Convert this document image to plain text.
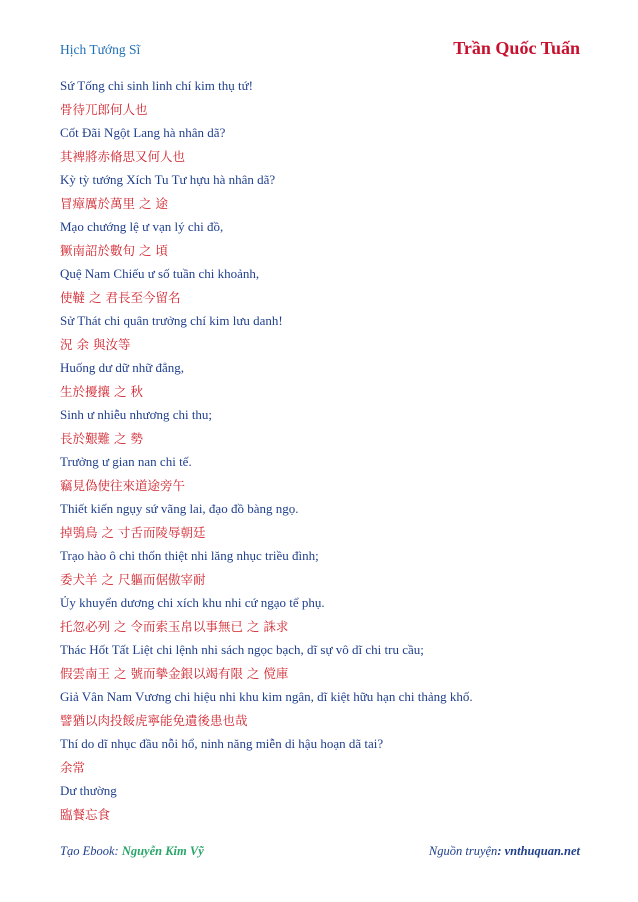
Hịch Tướng Sĩ	Trần Quốc Tuấn
Sứ Tống chi sinh linh chí kim thụ tứ!
骨待兀郎何人也
Cốt Đãi Ngột Lang hà nhân dã?
其裨將赤脩思又何人也
Kỳ tỳ tướng Xích Tu Tư hựu hà nhân dã?
冒瘴厲於萬里 之 途
Mạo chướng lệ ư vạn lý chi đồ,
獗南詔於數旬 之 頃
Quệ Nam Chiếu ư số tuần chi khoảnh,
使韃 之 君長至今留名
Sử Thát chi quân trưởng chí kim lưu danh!
況 余 與汝等
Huống dư dữ nhữ đẳng,
生於擾攘 之 秋
Sinh ư nhiễu nhương chi thu;
長於艱難 之 勢
Trưởng ư gian nan chi tế.
竊見偽使往來道途旁午
Thiết kiến ngụy sứ vãng lai, đạo đồ bàng ngọ.
掉鴞鳥 之 寸舌而陵辱朝廷
Trạo hào ô chi thốn thiệt nhi lăng nhục triều đình;
委犬羊 之 尺軀而倨傲宰耐
Ủy khuyển dương chi xích khu nhi cứ ngạo tể phụ.
托忽必列 之 令而索玉帛以事無已 之 誅求
Thác Hốt Tất Liệt chi lệnh nhi sách ngọc bạch, dĩ sự vô dĩ chi tru cầu;
假雲南王 之 號而摰金銀以竭有限 之 傥庫
Giả Vân Nam Vương chi hiệu nhi khu kim ngân, dĩ kiệt hữu hạn chi thảng khố.
譬猶以肉投餒虎寧能免遺後患也哉
Thí do dĩ nhục đầu nỗi hổ, ninh năng miễn di hậu hoạn dã tai?
余常
Dư thường
臨餐忘食
Tạo Ebook: Nguyễn Kim Vỹ	Nguồn truyện: vnthuquan.net
